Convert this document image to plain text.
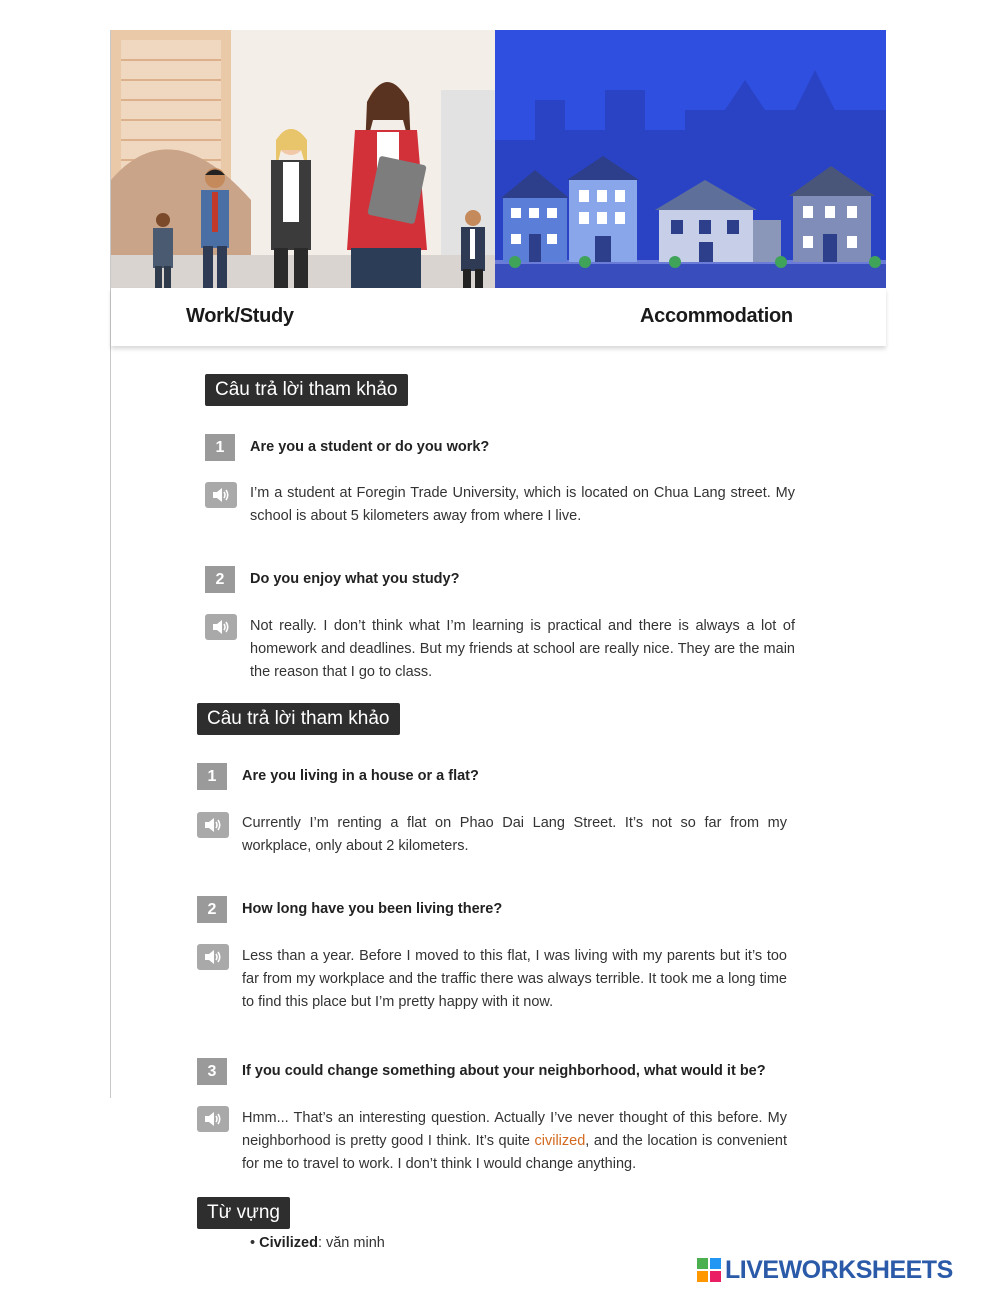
Work/Study	Accommodation
Câu trả lời tham khảo
1	Are you a student or do you work?
I’m a student at Foregin Trade University, which is located on Chua Lang street. My school is about 5 kilometers away from where I live.
2	Do you enjoy what you study?
Not really. I don’t think what I’m learning is practical and there is always a lot of homework and deadlines. But my friends at school are really nice. They are the main the reason that I go to class.
Câu trả lời tham khảo
1	Are you living in a house or a flat?
Currently I’m renting a flat on Phao Dai Lang Street. It’s not so far from my workplace, only about 2 kilometers.
2	How long have you been living there?
Less than a year. Before I moved to this flat, I was living with my parents but it’s too far from my workplace and the traffic there was always terrible. It took me a long time to find this place but I’m pretty happy with it now.
3	If you could change something about your neighborhood, what would it be?
Hmm... That’s an interesting question. Actually I’ve never thought of this before. My neighborhood is pretty good I think. It’s quite civilized, and the location is convenient for me to travel to work. I don’t think I would change anything.
Từ vựng
• Civilized: văn minh
LIVEWORKSHEETS
